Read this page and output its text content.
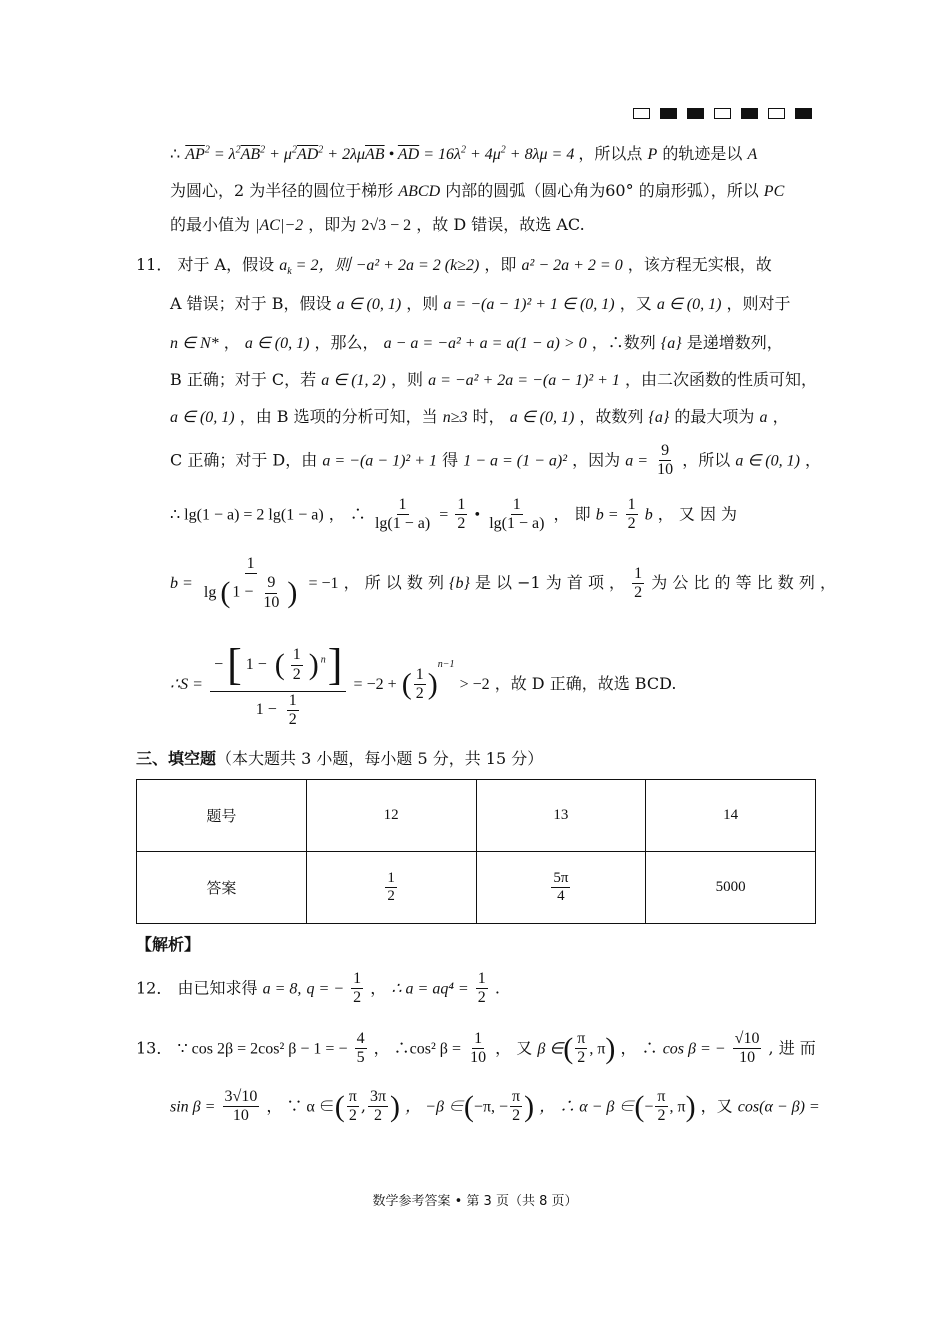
∴ $\overline{AP}^2 = \lambda^2\overline{AB}^2 + \mu^2\overline{AD}^2 + 2\lambda\mu\overline{AB}$ • $\overline{AD} = 16\lambda^2 + 4\mu^2 + 8\lambda\mu = 4$ ，所以点 P 的轨迹是以 A
为圆心，2 为半径的圆位于梯形 ABCD 内部的圆弧（圆心角为60° 的扇形弧），所以 PC
的最小值为 |AC|−2 ，即为 2√3 − 2 ，故 D 错误，故选 AC.
11． 对于 A，假设 $a_k = 2$，则 −a² + 2a = 2 (k≥2) ，即 a² − 2a + 2 = 0 ，该方程无实根，故
A 错误；对于 B，假设 a ∈ (0, 1) ，则 a = −(a − 1)² + 1 ∈ (0, 1) ，又 a ∈ (0, 1) ，则对于
n ∈ N* ， a ∈ (0, 1) ，那么， a − a = −a² + a = a(1 − a) > 0 ，∴数列 {a} 是递增数列，
B 正确；对于 C，若 a ∈ (1, 2) ，则 a = −a² + 2a = −(a − 1)² + 1 ，由二次函数的性质可知，
a ∈ (0, 1) ，由 B 选项的分析可知，当 n≥3 时， a ∈ (0, 1) ，故数列 {a} 的最大项为 a ，
C 正确；对于 D，由 a = −(a − 1)² + 1 得 1 − a = (1 − a)² ，因为 $a = \frac{9}{10}$ ，所以 a ∈ (0, 1) ，
∴ lg(1 − a) = 2 lg(1 − a) ， ∴ $\frac{1}{\lg(1 - a)} = \frac{1}{2}$ • $\frac{1}{\lg(1 - a)}$ ， 即 $b = \frac{1}{2}$ b ， 又 因 为
$b = \frac{1}{\lg ( 1 - \frac{9}{10} )} = -1$ ， 所 以 数 列 {b} 是 以 −1 为 首 项 ， $\frac{1}{2}$ 为 公 比 的 等 比 数 列 ，
∴S = $\frac{-[ 1 - ( \frac{1}{2} ) ^n]}{1 - \frac{1}{2}} = -2$ + ( $\frac{1}{2} )^{n-1} > -2$ ，故 D 正确，故选 BCD.
三、填空题（本大题共 3 小题，每小题 5 分，共 15 分）
题号	12	13	14
答案	$\frac{1}{2}$	$\frac{5\pi}{4}$	5000
【解析】
12． 由已知求得 a = 8, q = − $\frac{1}{2}$ ， ∴ $a = aq^4 = \frac{1}{2}$ .
13． ∵ cos 2β = 2cos² β − 1 = − $\frac{4}{5}$ ， ∴cos² $\beta = \frac{1}{10}$ ， 又 β ∈( $\frac{\pi}{2}$ , π) ， ∴ cos β = − $\frac{√10}{10}$ , 进 而
$\sin \beta = \frac{3√10}{10}$ ， ∵ α ∈( $\frac{\pi}{2}$ , $\frac{3\pi}{2}$ ) ， −β ∈(−π, − $\frac{\pi}{2}$ ) ， ∴ α − β ∈(− $\frac{\pi}{2}$ , π) ，又 cos(α − β) =
数学参考答案 • 第 3 页（共 8 页）
